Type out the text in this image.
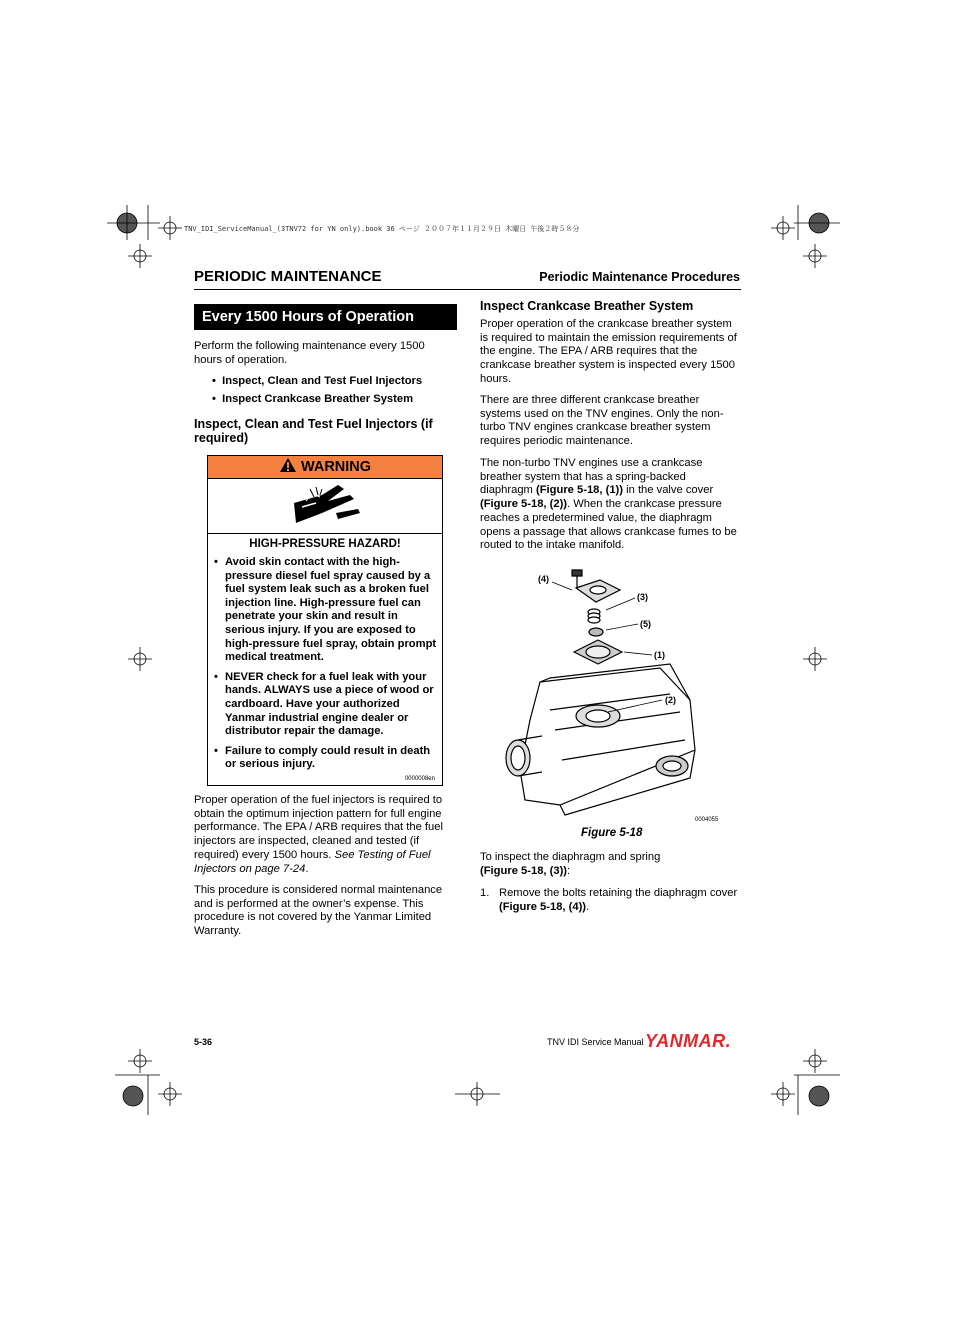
TNV_IDI_ServiceManual_(3TNV72 for YN only).book 36 ページ ２００７年１１月２９日 木曜日 午後２時５８分
PERIODIC MAINTENANCE	Periodic Maintenance Procedures
Every 1500 Hours of Operation
Perform the following maintenance every 1500 hours of operation.
•  Inspect, Clean and Test Fuel Injectors
•  Inspect Crankcase Breather System
Inspect, Clean and Test Fuel Injectors (if required)
WARNING
HIGH-PRESSURE HAZARD!
• Avoid skin contact with the high-pressure diesel fuel spray caused by a fuel system leak such as a broken fuel injection line. High-pressure fuel can penetrate your skin and result in serious injury. If you are exposed to high-pressure fuel spray, obtain prompt medical treatment.
• NEVER check for a fuel leak with your hands. ALWAYS use a piece of wood or cardboard. Have your authorized Yanmar industrial engine dealer or distributor repair the damage.
• Failure to comply could result in death or serious injury.
0000008en
Proper operation of the fuel injectors is required to obtain the optimum injection pattern for full engine performance. The EPA / ARB requires that the fuel injectors are inspected, cleaned and tested (if required) every 1500 hours. See Testing of Fuel Injectors on page 7-24.
This procedure is considered normal maintenance and is performed at the owner’s expense. This procedure is not covered by the Yanmar Limited Warranty.
Inspect Crankcase Breather System
Proper operation of the crankcase breather system is required to maintain the emission requirements of the engine. The EPA / ARB requires that the crankcase breather system is inspected every 1500 hours.
There are three different crankcase breather systems used on the TNV engines. Only the non-turbo TNV engines crankcase breather system requires periodic maintenance.
The non-turbo TNV engines use a crankcase breather system that has a spring-backed diaphragm (Figure 5-18, (1)) in the valve cover (Figure 5-18, (2)). When the crankcase pressure reaches a predetermined value, the diaphragm opens a passage that allows crankcase fumes to be routed to the intake manifold.
(4)
(3)
(5)
(1)
(2)
0004055
Figure 5-18
To inspect the diaphragm and spring
(Figure 5-18, (3)):
1. Remove the bolts retaining the diaphragm cover (Figure 5-18, (4)).
5-36	TNV IDI Service Manual YANMAR.
